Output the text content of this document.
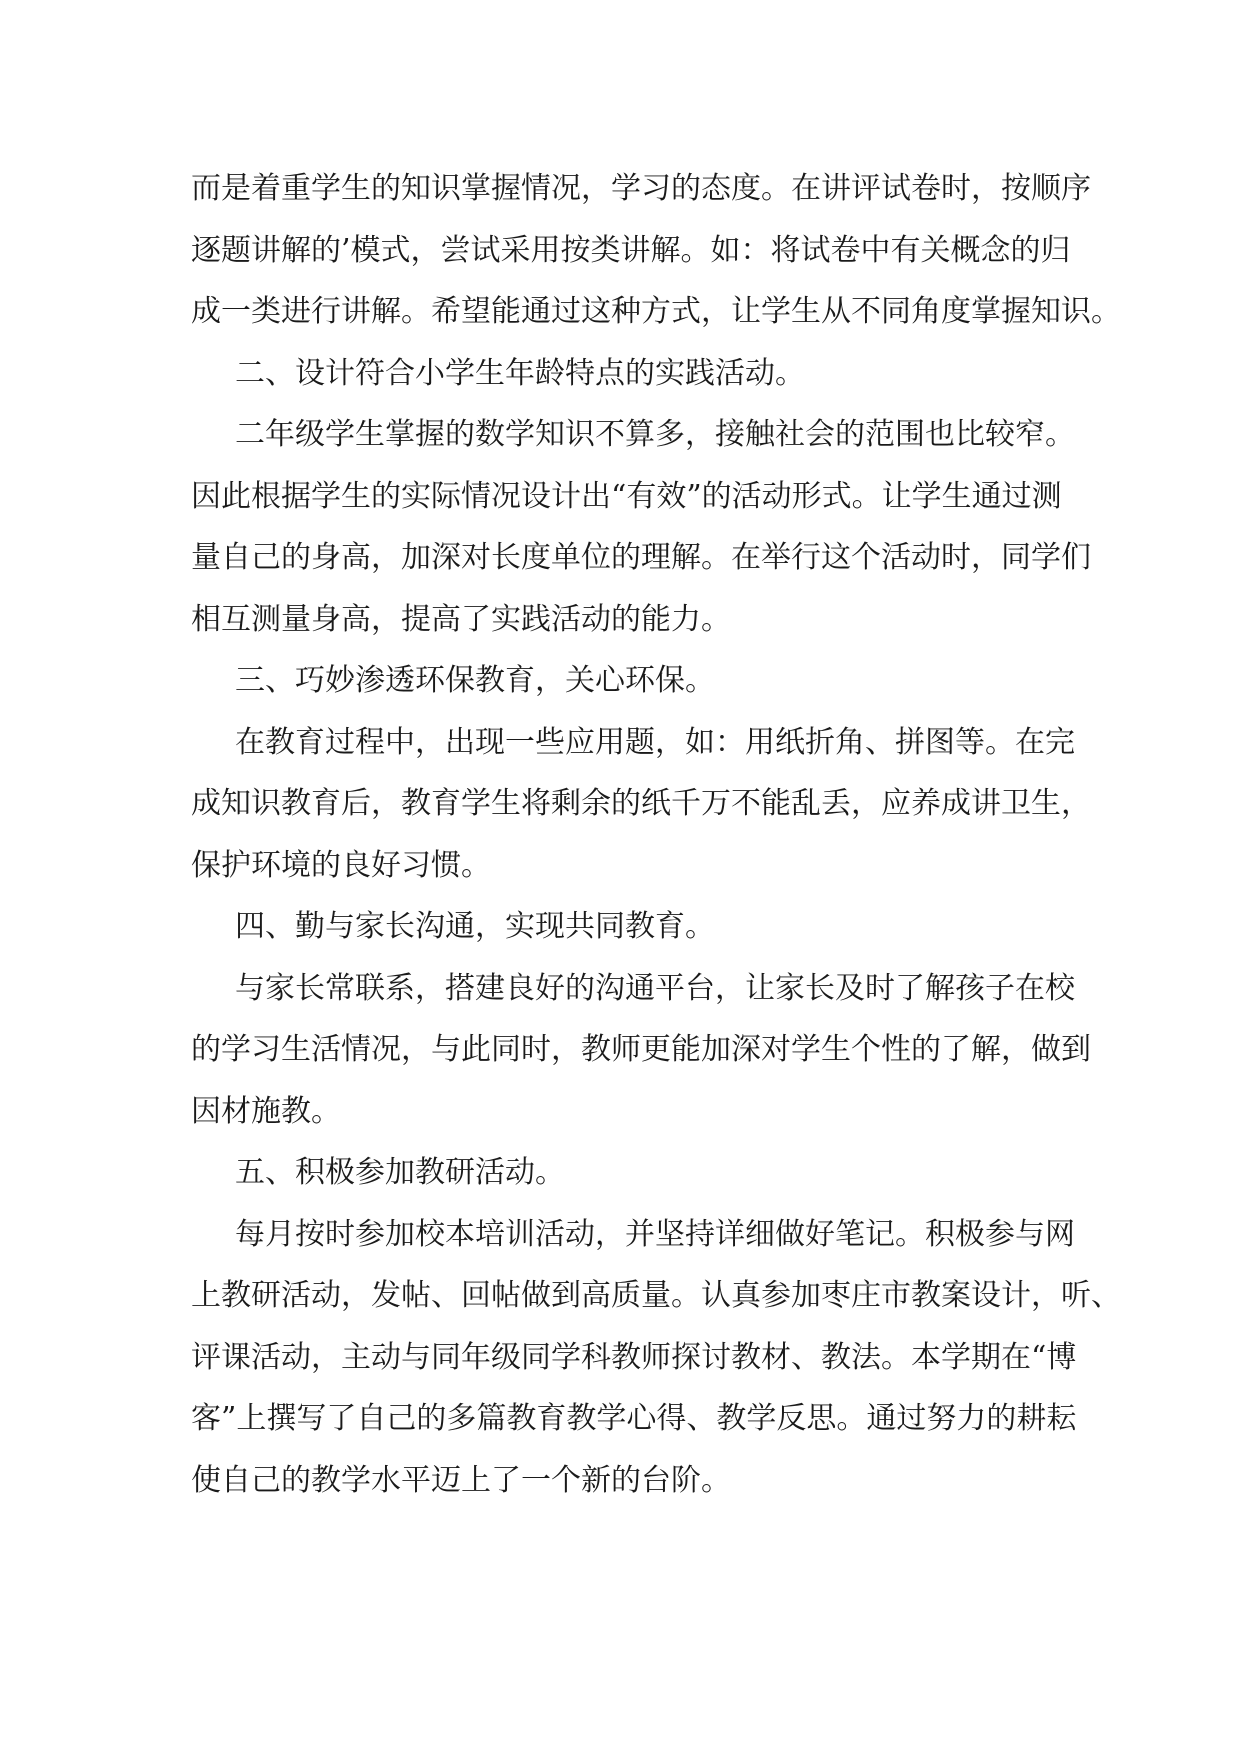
而是着重学生的知识掌握情况，学习的态度。在讲评试卷时，按顺序
逐题讲解的’模式，尝试采用按类讲解。如：将试卷中有关概念的归
成一类进行讲解。希望能通过这种方式，让学生从不同角度掌握知识。
二、设计符合小学生年龄特点的实践活动。
二年级学生掌握的数学知识不算多，接触社会的范围也比较窄。
因此根据学生的实际情况设计出“有效”的活动形式。让学生通过测
量自己的身高，加深对长度单位的理解。在举行这个活动时，同学们
相互测量身高，提高了实践活动的能力。
三、巧妙渗透环保教育，关心环保。
在教育过程中，出现一些应用题，如：用纸折角、拼图等。在完
成知识教育后，教育学生将剩余的纸千万不能乱丢，应养成讲卫生，
保护环境的良好习惯。
四、勤与家长沟通，实现共同教育。
与家长常联系，搭建良好的沟通平台，让家长及时了解孩子在校
的学习生活情况，与此同时，教师更能加深对学生个性的了解，做到
因材施教。
五、积极参加教研活动。
每月按时参加校本培训活动，并坚持详细做好笔记。积极参与网
上教研活动，发帖、回帖做到高质量。认真参加枣庄市教案设计，听、
评课活动，主动与同年级同学科教师探讨教材、教法。本学期在“博
客”上撰写了自己的多篇教育教学心得、教学反思。通过努力的耕耘
使自己的教学水平迈上了一个新的台阶。
